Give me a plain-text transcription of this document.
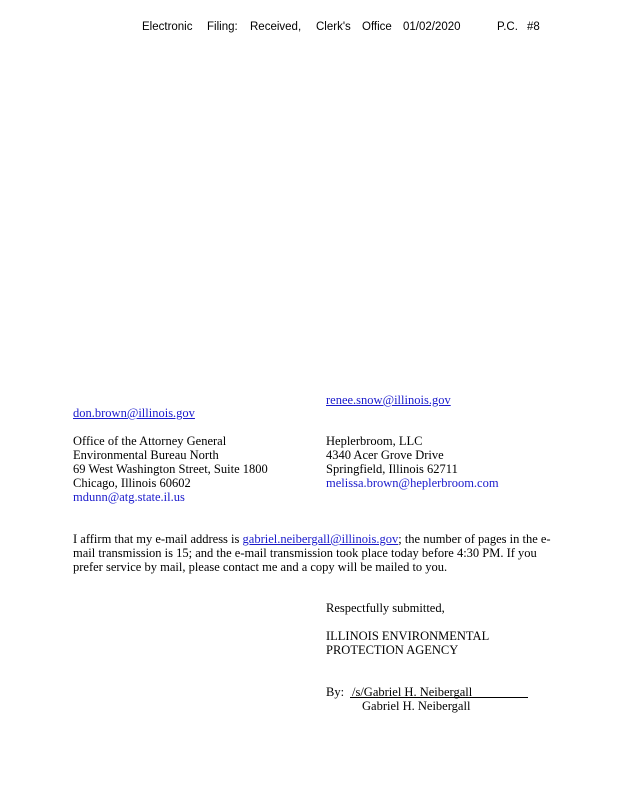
Electronic Filing: Received, Clerk's Office 01/02/2020	P.C. #8
renee.snow@illinois.gov
don.brown@illinois.gov
Office of the Attorney General
Environmental Bureau North
69 West Washington Street, Suite 1800
Chicago, Illinois 60602
mdunn@atg.state.il.us
Heplerbroom, LLC
4340 Acer Grove Drive
Springfield, Illinois 62711
melissa.brown@heplerbroom.com
I affirm that my e-mail address is gabriel.neibergall@illinois.gov; the number of pages in the e-
mail transmission is 15; and the e-mail transmission took place today before 4:30 PM. If you
prefer service by mail, please contact me and a copy will be mailed to you.
Respectfully submitted,
ILLINOIS ENVIRONMENTAL
PROTECTION AGENCY
By: /s/Gabriel H. Neibergall
Gabriel H. Neibergall
